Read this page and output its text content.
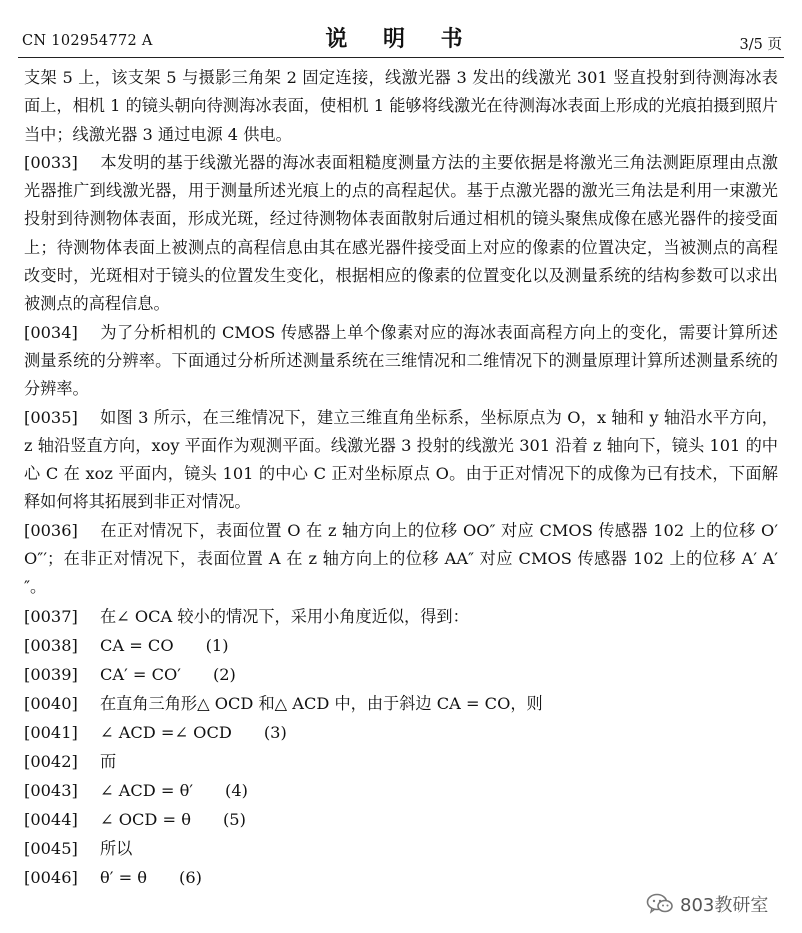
CN 102954772 A	说 明 书	3/5 页

支架 5 上，该支架 5 与摄影三角架 2 固定连接，线激光器 3 发出的线激光 301 竖直投射到待测海冰表面上，相机 1 的镜头朝向待测海冰表面，使相机 1 能够将线激光在待测海冰表面上形成的光痕拍摄到照片当中；线激光器 3 通过电源 4 供电。

[0033] 本发明的基于线激光器的海冰表面粗糙度测量方法的主要依据是将激光三角法测距原理由点激光器推广到线激光器，用于测量所述光痕上的点的高程起伏。基于点激光器的激光三角法是利用一束激光投射到待测物体表面，形成光斑，经过待测物体表面散射后通过相机的镜头聚焦成像在感光器件的接受面上；待测物体表面上被测点的高程信息由其在感光器件接受面上对应的像素的位置决定，当被测点的高程改变时，光斑相对于镜头的位置发生变化，根据相应的像素的位置变化以及测量系统的结构参数可以求出被测点的高程信息。

[0034] 为了分析相机的 CMOS 传感器上单个像素对应的海冰表面高程方向上的变化，需要计算所述测量系统的分辨率。下面通过分析所述测量系统在三维情况和二维情况下的测量原理计算所述测量系统的分辨率。

[0035] 如图 3 所示，在三维情况下，建立三维直角坐标系，坐标原点为 O，x 轴和 y 轴沿水平方向，z 轴沿竖直方向，xoy 平面作为观测平面。线激光器 3 投射的线激光 301 沿着 z 轴向下，镜头 101 的中心 C 在 xoz 平面内，镜头 101 的中心 C 正对坐标原点 O。由于正对情况下的成像为已有技术，下面解释如何将其拓展到非正对情况。

[0036] 在正对情况下，表面位置 O 在 z 轴方向上的位移 OO″ 对应 CMOS 传感器 102 上的位移 O′ O″′；在非正对情况下，表面位置 A 在 z 轴方向上的位移 AA″ 对应 CMOS 传感器 102 上的位移 A′ A′″。

[0037] 在∠ OCA 较小的情况下，采用小角度近似，得到：
[0038] CA = CO (1)
[0039] CA′ = CO′ (2)
[0040] 在直角三角形△ OCD 和△ ACD 中，由于斜边 CA = CO，则
[0041] ∠ ACD =∠ OCD (3)
[0042] 而
[0043] ∠ ACD = θ′ (4)
[0044] ∠ OCD = θ (5)
[0045] 所以
[0046] θ′ = θ (6)
803教研室
